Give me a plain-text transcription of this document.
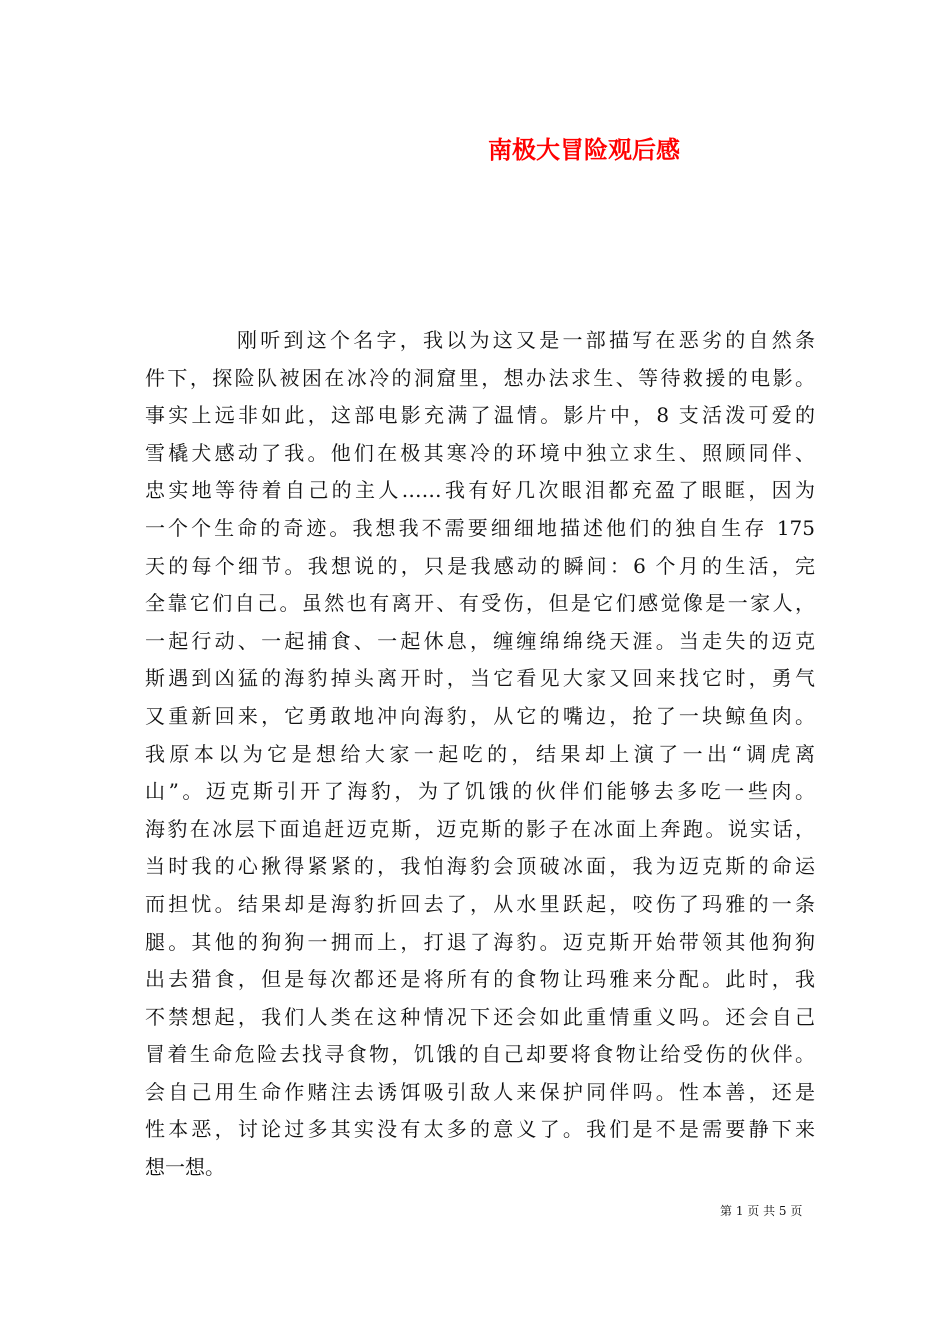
南极大冒险观后感
刚听到这个名字，我以为这又是一部描写在恶劣的自然条
件下，探险队被困在冰冷的洞窟里，想办法求生、等待救援的电影。
事实上远非如此，这部电影充满了温情。影片中，8 支活泼可爱的
雪橇犬感动了我。他们在极其寒冷的环境中独立求生、照顾同伴、
忠实地等待着自己的主人……我有好几次眼泪都充盈了眼眶，因为
一个个生命的奇迹。我想我不需要细细地描述他们的独自生存 175
天的每个细节。我想说的，只是我感动的瞬间：6 个月的生活，完
全靠它们自己。虽然也有离开、有受伤，但是它们感觉像是一家人，
一起行动、一起捕食、一起休息，缠缠绵绵绕天涯。当走失的迈克
斯遇到凶猛的海豹掉头离开时，当它看见大家又回来找它时，勇气
又重新回来，它勇敢地冲向海豹，从它的嘴边，抢了一块鲸鱼肉。
我原本以为它是想给大家一起吃的，结果却上演了一出“调虎离
山”。迈克斯引开了海豹，为了饥饿的伙伴们能够去多吃一些肉。
海豹在冰层下面追赶迈克斯，迈克斯的影子在冰面上奔跑。说实话，
当时我的心揪得紧紧的，我怕海豹会顶破冰面，我为迈克斯的命运
而担忧。结果却是海豹折回去了，从水里跃起，咬伤了玛雅的一条
腿。其他的狗狗一拥而上，打退了海豹。迈克斯开始带领其他狗狗
出去猎食，但是每次都还是将所有的食物让玛雅来分配。此时，我
不禁想起，我们人类在这种情况下还会如此重情重义吗。还会自己
冒着生命危险去找寻食物，饥饿的自己却要将食物让给受伤的伙伴。
会自己用生命作赌注去诱饵吸引敌人来保护同伴吗。性本善，还是
性本恶，讨论过多其实没有太多的意义了。我们是不是需要静下来
想一想。
第 1 页 共 5 页
